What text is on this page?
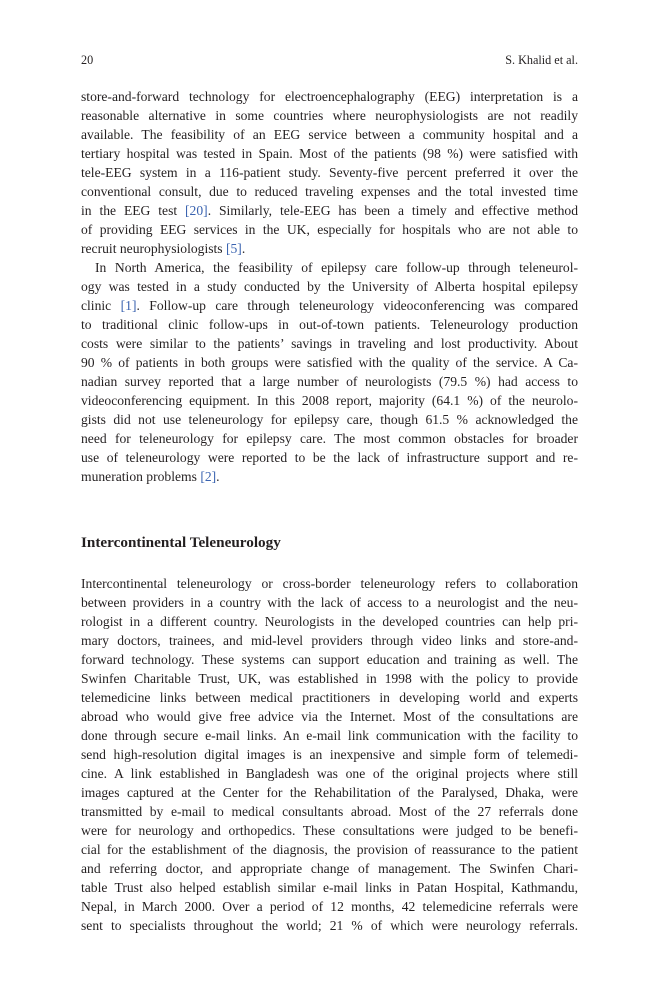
20	S. Khalid et al.

store-and-forward technology for electroencephalography (EEG) interpretation is a
reasonable alternative in some countries where neurophysiologists are not readily
available. The feasibility of an EEG service between a community hospital and a
tertiary hospital was tested in Spain. Most of the patients (98 %) were satisfied with
tele-EEG system in a 116-patient study. Seventy-five percent preferred it over the
conventional consult, due to reduced traveling expenses and the total invested time
in the EEG test [20]. Similarly, tele-EEG has been a timely and effective method
of providing EEG services in the UK, especially for hospitals who are not able to
recruit neurophysiologists [5].

In North America, the feasibility of epilepsy care follow-up through teleneurol-
ogy was tested in a study conducted by the University of Alberta hospital epilepsy
clinic [1]. Follow-up care through teleneurology videoconferencing was compared
to traditional clinic follow-ups in out-of-town patients. Teleneurology production
costs were similar to the patients’ savings in traveling and lost productivity. About
90 % of patients in both groups were satisfied with the quality of the service. A Ca-
nadian survey reported that a large number of neurologists (79.5 %) had access to
videoconferencing equipment. In this 2008 report, majority (64.1 %) of the neurolo-
gists did not use teleneurology for epilepsy care, though 61.5 % acknowledged the
need for teleneurology for epilepsy care. The most common obstacles for broader
use of teleneurology were reported to be the lack of infrastructure support and re-
muneration problems [2].

Intercontinental Teleneurology

Intercontinental teleneurology or cross-border teleneurology refers to collaboration
between providers in a country with the lack of access to a neurologist and the neu-
rologist in a different country. Neurologists in the developed countries can help pri-
mary doctors, trainees, and mid-level providers through video links and store-and-
forward technology. These systems can support education and training as well. The
Swinfen Charitable Trust, UK, was established in 1998 with the policy to provide
telemedicine links between medical practitioners in developing world and experts
abroad who would give free advice via the Internet. Most of the consultations are
done through secure e-mail links. An e-mail link communication with the facility to
send high-resolution digital images is an inexpensive and simple form of telemedi-
cine. A link established in Bangladesh was one of the original projects where still
images captured at the Center for the Rehabilitation of the Paralysed, Dhaka, were
transmitted by e-mail to medical consultants abroad. Most of the 27 referrals done
were for neurology and orthopedics. These consultations were judged to be benefi-
cial for the establishment of the diagnosis, the provision of reassurance to the patient
and referring doctor, and appropriate change of management. The Swinfen Chari-
table Trust also helped establish similar e-mail links in Patan Hospital, Kathmandu,
Nepal, in March 2000. Over a period of 12 months, 42 telemedicine referrals were
sent to specialists throughout the world; 21 % of which were neurology referrals.
